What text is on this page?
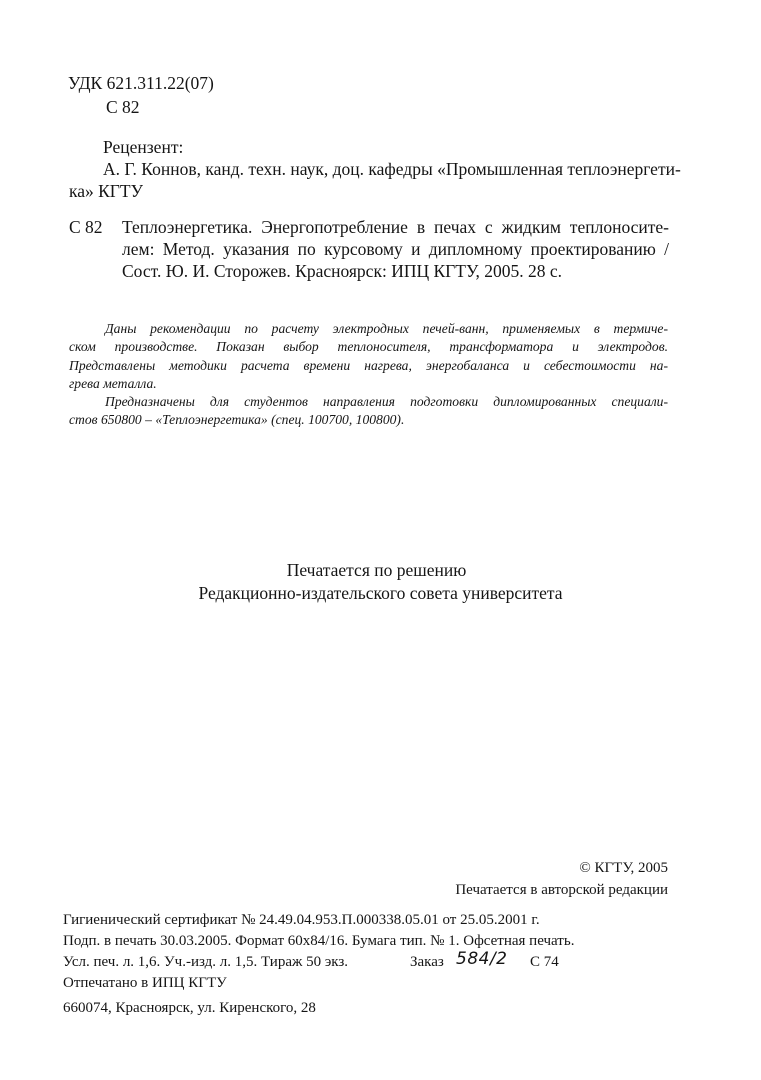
УДК 621.311.22(07)
С 82
Рецензент:
А. Г. Коннов, канд. техн. наук, доц. кафедры «Промышленная теплоэнергети-
ка» КГТУ
С 82 Теплоэнергетика. Энергопотребление в печах с жидким теплоносите-
лем: Метод. указания по курсовому и дипломному проектированию /
Сост. Ю. И. Сторожев. Красноярск: ИПЦ КГТУ, 2005. 28 с.
Даны рекомендации по расчету электродных печей-ванн, применяемых в термиче-
ском производстве. Показан выбор теплоносителя, трансформатора и электродов.
Представлены методики расчета времени нагрева, энергобаланса и себестоимости на-
грева металла.
Предназначены для студентов направления подготовки дипломированных специали-
стов 650800 – «Теплоэнергетика» (спец. 100700, 100800).
Печатается по решению
Редакционно-издательского совета университета
© КГТУ, 2005
Печатается в авторской редакции
Гигиенический сертификат № 24.49.04.953.П.000338.05.01 от 25.05.2001 г.
Подп. в печать 30.03.2005. Формат 60х84/16. Бумага тип. № 1. Офсетная печать.
Усл. печ. л. 1,6. Уч.-изд. л. 1,5. Тираж 50 экз.	Заказ 584/2 С 74
Отпечатано в ИПЦ КГТУ
660074, Красноярск, ул. Киренского, 28
